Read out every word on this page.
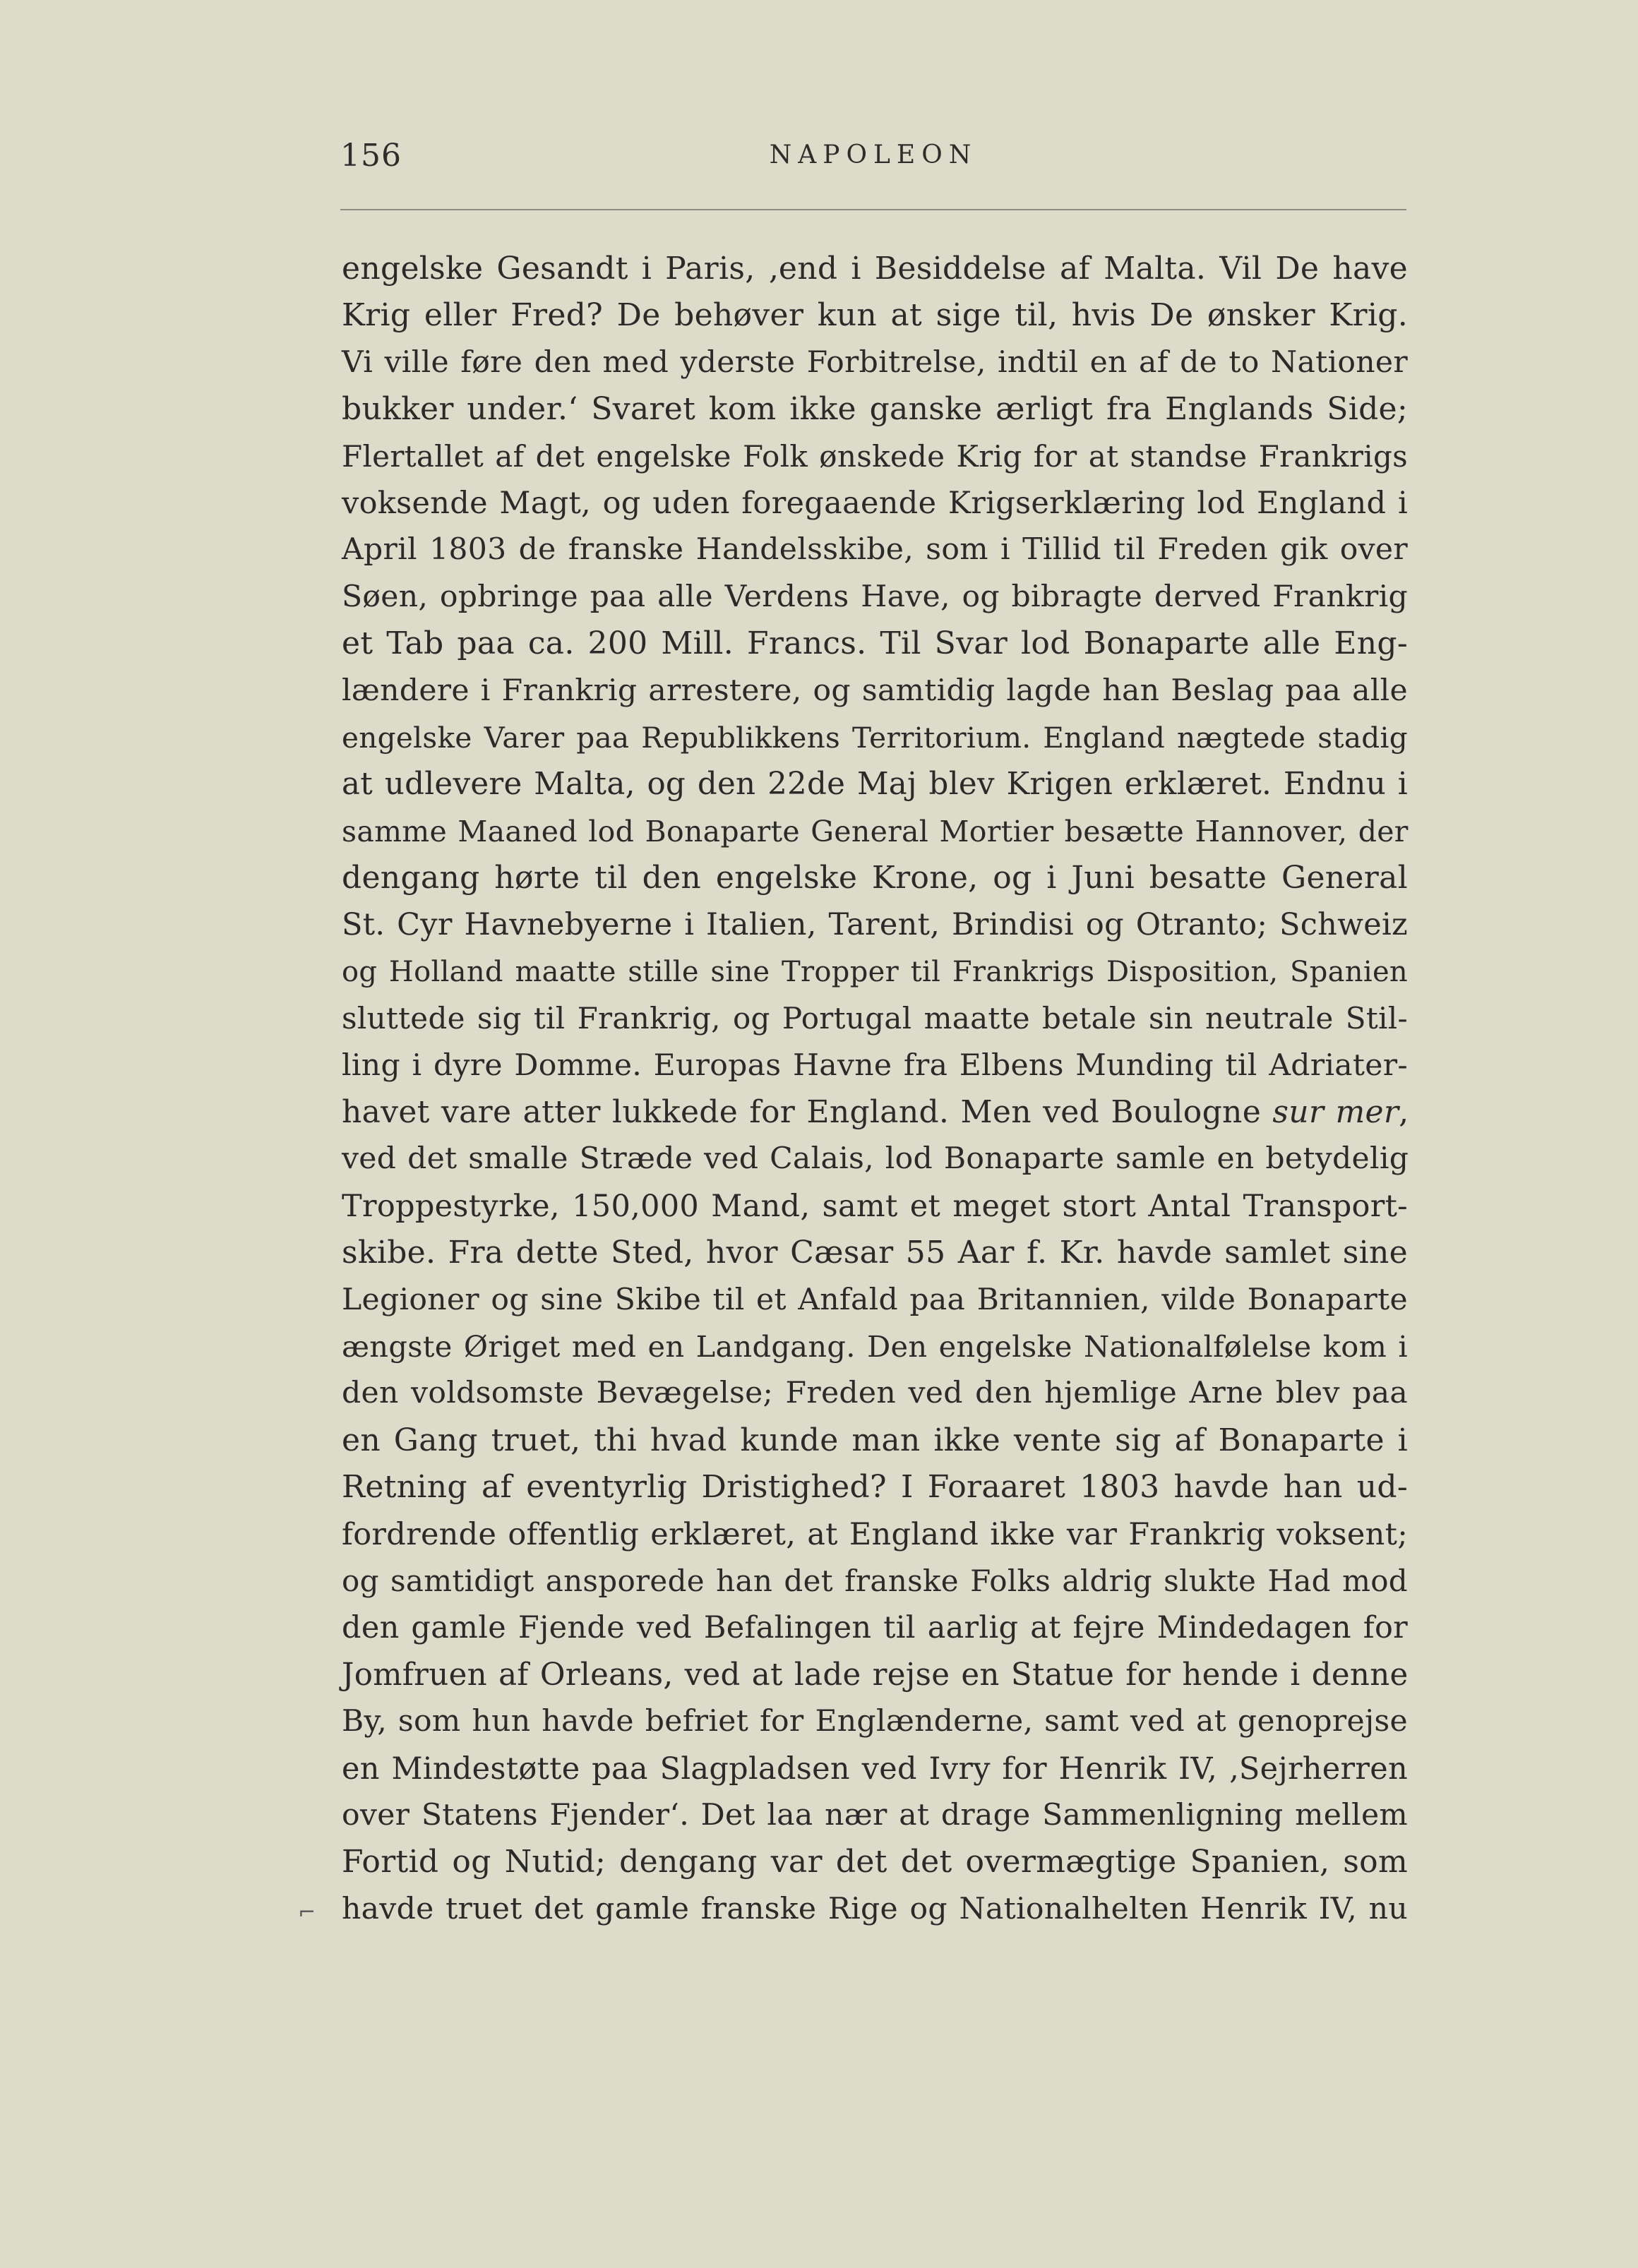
156	NAPOLEON
engelske Gesandt i Paris, ‚end i Besiddelse af Malta. Vil De have
Krig eller Fred? De behøver kun at sige til, hvis De ønsker Krig.
Vi ville føre den med yderste Forbitrelse, indtil en af de to Nationer
bukker under.‘ Svaret kom ikke ganske ærligt fra Englands Side;
Flertallet af det engelske Folk ønskede Krig for at standse Frankrigs
voksende Magt, og uden foregaaende Krigserklæring lod England i
April 1803 de franske Handelsskibe, som i Tillid til Freden gik over
Søen, opbringe paa alle Verdens Have, og bibragte derved Frankrig
et Tab paa ca. 200 Mill. Francs. Til Svar lod Bonaparte alle Eng-
lændere i Frankrig arrestere, og samtidig lagde han Beslag paa alle
engelske Varer paa Republikkens Territorium. England nægtede stadig
at udlevere Malta, og den 22de Maj blev Krigen erklæret. Endnu i
samme Maaned lod Bonaparte General Mortier besætte Hannover, der
dengang hørte til den engelske Krone, og i Juni besatte General
St. Cyr Havnebyerne i Italien, Tarent, Brindisi og Otranto; Schweiz
og Holland maatte stille sine Tropper til Frankrigs Disposition, Spanien
sluttede sig til Frankrig, og Portugal maatte betale sin neutrale Stil-
ling i dyre Domme. Europas Havne fra Elbens Munding til Adriater-
havet vare atter lukkede for England. Men ved Boulogne sur mer,
ved det smalle Stræde ved Calais, lod Bonaparte samle en betydelig
Troppestyrke, 150,000 Mand, samt et meget stort Antal Transport-
skibe. Fra dette Sted, hvor Cæsar 55 Aar f. Kr. havde samlet sine
Legioner og sine Skibe til et Anfald paa Britannien, vilde Bonaparte
ængste Øriget med en Landgang. Den engelske Nationalfølelse kom i
den voldsomste Bevægelse; Freden ved den hjemlige Arne blev paa
en Gang truet, thi hvad kunde man ikke vente sig af Bonaparte i
Retning af eventyrlig Dristighed? I Foraaret 1803 havde han ud-
fordrende offentlig erklæret, at England ikke var Frankrig voksent;
og samtidigt ansporede han det franske Folks aldrig slukte Had mod
den gamle Fjende ved Befalingen til aarlig at fejre Mindedagen for
Jomfruen af Orleans, ved at lade rejse en Statue for hende i denne
By, som hun havde befriet for Englænderne, samt ved at genoprejse
en Mindestøtte paa Slagpladsen ved Ivry for Henrik IV, ‚Sejrherren
over Statens Fjender‘. Det laa nær at drage Sammenligning mellem
Fortid og Nutid; dengang var det det overmægtige Spanien, som
havde truet det gamle franske Rige og Nationalhelten Henrik IV, nu
⌐
